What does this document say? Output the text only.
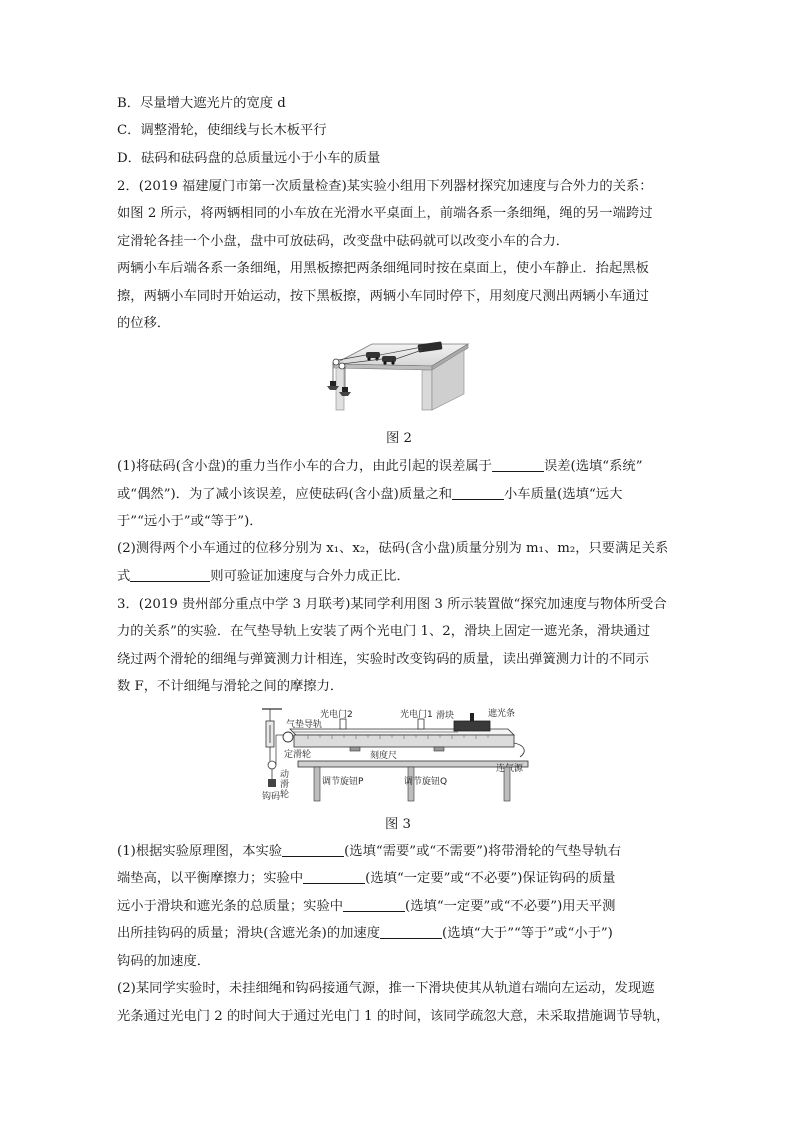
B．尽量增大遮光片的宽度 d
C．调整滑轮，使细线与长木板平行
D．砝码和砝码盘的总质量远小于小车的质量
2．(2019 福建厦门市第一次质量检查)某实验小组用下列器材探究加速度与合外力的关系：
如图 2 所示，将两辆相同的小车放在光滑水平桌面上，前端各系一条细绳，绳的另一端跨过
定滑轮各挂一个小盘，盘中可放砝码，改变盘中砝码就可以改变小车的合力．
两辆小车后端各系一条细绳，用黑板擦把两条细绳同时按在桌面上，使小车静止．抬起黑板
擦，两辆小车同时开始运动，按下黑板擦，两辆小车同时停下，用刻度尺测出两辆小车通过
的位移．
图 2
(1)将砝码(含小盘)的重力当作小车的合力，由此引起的误差属于	误差(选填“系统”
或“偶然”)．为了减小该误差，应使砝码(含小盘)质量之和	小车质量(选填“远大
于”“远小于”或“等于”)．
(2)测得两个小车通过的位移分别为 x₁、x₂，砝码(含小盘)质量分别为 m₁、m₂，只要满足关系
式	则可验证加速度与合外力成正比．
3．(2019 贵州部分重点中学 3 月联考)某同学利用图 3 所示装置做“探究加速度与物体所受合
力的关系”的实验．在气垫导轨上安装了两个光电门 1、2，滑块上固定一遮光条，滑块通过
绕过两个滑轮的细绳与弹簧测力计相连，实验时改变钩码的质量，读出弹簧测力计的不同示
数 F，不计细绳与滑轮之间的摩擦力．
光电门2	光电门1 滑块	遮光条
气垫导轨
定滑轮	刻度尺
连气源
调节旋钮P	调节旋钮Q
钩码
动
滑
轮
图 3
(1)根据实验原理图，本实验	(选填“需要”或“不需要”)将带滑轮的气垫导轨右
端垫高，以平衡摩擦力；实验中	(选填“一定要”或“不必要”)保证钩码的质量
远小于滑块和遮光条的总质量；实验中	(选填“一定要”或“不必要”)用天平测
出所挂钩码的质量；滑块(含遮光条)的加速度	(选填“大于”“等于”或“小于”)
钩码的加速度．
(2)某同学实验时，未挂细绳和钩码接通气源，推一下滑块使其从轨道右端向左运动，发现遮
光条通过光电门 2 的时间大于通过光电门 1 的时间，该同学疏忽大意，未采取措施调节导轨，
